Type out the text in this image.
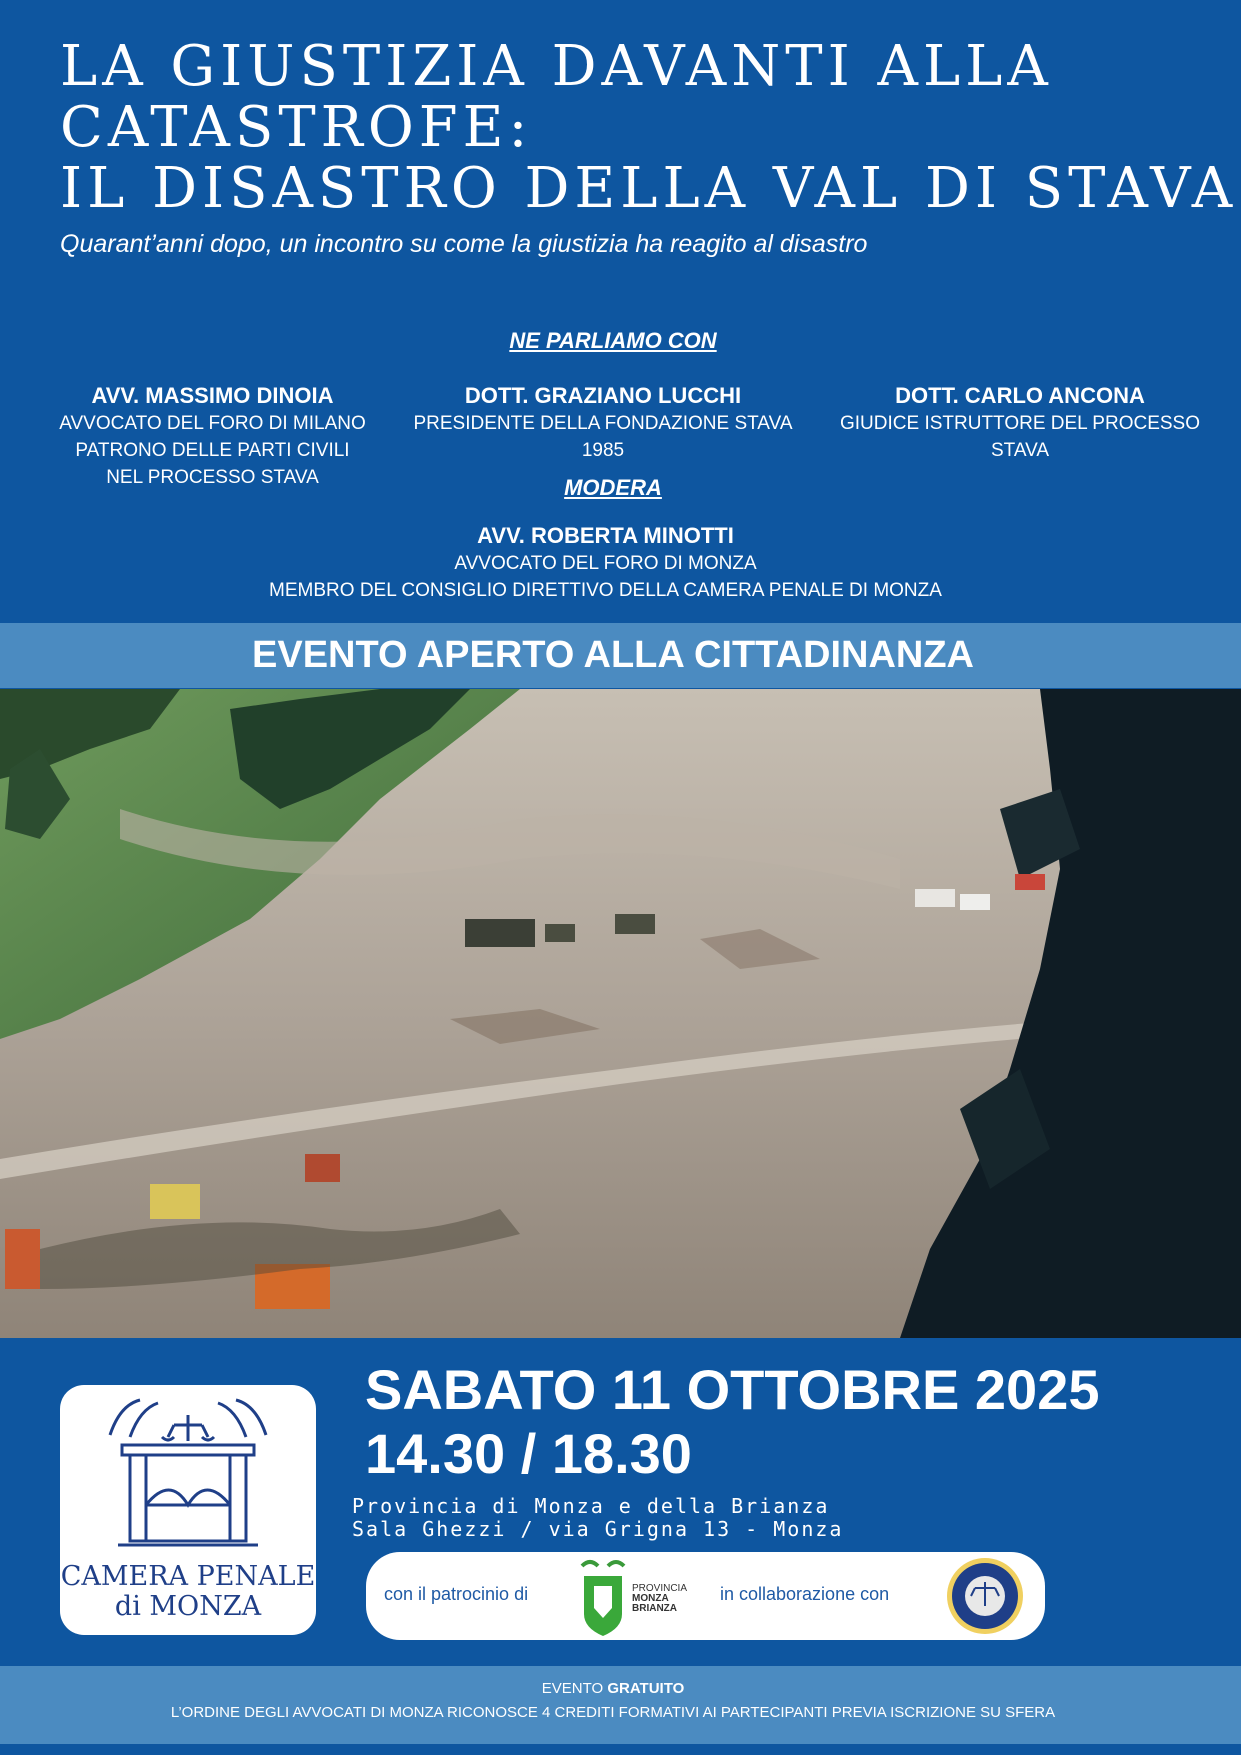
LA GIUSTIZIA DAVANTI ALLA
CATASTROFE:
IL DISASTRO DELLA VAL DI STAVA
Quarant’anni dopo, un incontro su come la giustizia ha reagito al disastro
NE PARLIAMO CON
AVV. MASSIMO DINOIA
AVVOCATO DEL FORO DI MILANO
PATRONO DELLE PARTI CIVILI
NEL PROCESSO STAVA
DOTT. GRAZIANO LUCCHI
PRESIDENTE DELLA FONDAZIONE STAVA 1985
DOTT. CARLO ANCONA
GIUDICE ISTRUTTORE DEL PROCESSO
STAVA
MODERA
AVV. ROBERTA MINOTTI
AVVOCATO DEL FORO DI MONZA
MEMBRO DEL CONSIGLIO DIRETTIVO DELLA CAMERA PENALE DI MONZA
EVENTO APERTO ALLA CITTADINANZA
CAMERA PENALE
di MONZA
SABATO 11 OTTOBRE 2025
14.30 / 18.30
Provincia di Monza e della Brianza
Sala Ghezzi / via Grigna 13 - Monza
con il patrocinio di	PROVINCIA
MONZA
BRIANZA
in collaborazione con
EVENTO GRATUITO
L’ORDINE DEGLI AVVOCATI DI MONZA RICONOSCE 4 CREDITI FORMATIVI AI PARTECIPANTI PREVIA ISCRIZIONE SU SFERA
